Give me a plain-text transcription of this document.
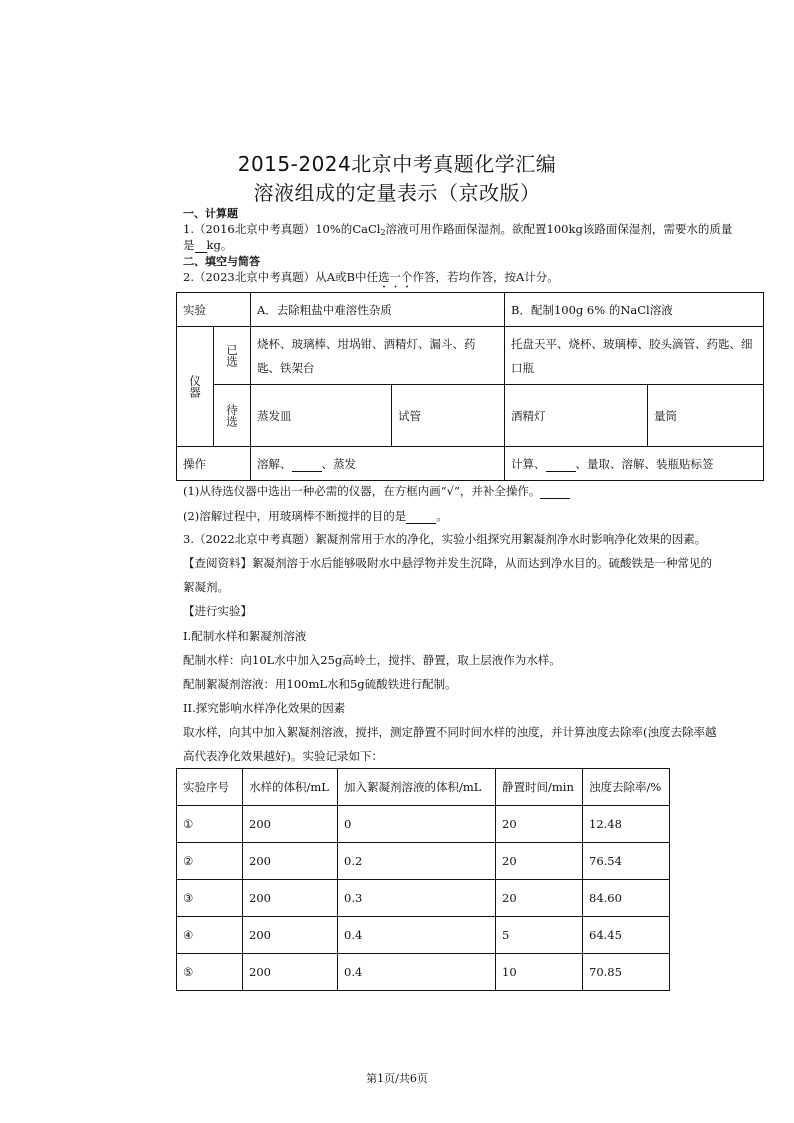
2015-2024北京中考真题化学汇编
溶液组成的定量表示（京改版）
一、计算题
1.（2016北京中考真题）10%的CaCl$_2$溶液可用作路面保湿剂。欲配置100kg该路面保湿剂，需要水的质量
是 kg。
二、填空与简答
2.（2023北京中考真题）从A或B中任选一个作答，若均作答，按A计分。
实验		A．去除粗盐中难溶性杂质		B．配制100g 6% 的NaCl溶液	
仪器	已选	烧杯、玻璃棒、坩埚钳、酒精灯、漏斗、药匙、铁架台		托盘天平、烧杯、玻璃棒、胶头滴管、药匙、细口瓶	
	待选	蒸发皿	试管	酒精灯	量筒
操作		溶解、 、蒸发		计算、 、量取、溶解、装瓶贴标签	
(1)从待选仪器中选出一种必需的仪器，在方框内画“√”，并补全操作。
(2)溶解过程中，用玻璃棒不断搅拌的目的是	。
3.（2022北京中考真题）絮凝剂常用于水的净化，实验小组探究用絮凝剂净水时影响净化效果的因素。
【查阅资料】絮凝剂溶于水后能够吸附水中悬浮物并发生沉降，从而达到净水目的。硫酸铁是一种常见的
絮凝剂。
【进行实验】
I.配制水样和絮凝剂溶液
配制水样：向10L水中加入25g高岭土，搅拌、静置，取上层液作为水样。
配制絮凝剂溶液：用100mL水和5g硫酸铁进行配制。
II.探究影响水样净化效果的因素
取水样，向其中加入絮凝剂溶液，搅拌，测定静置不同时间水样的浊度，并计算浊度去除率(浊度去除率越
高代表净化效果越好)。实验记录如下：
实验序号	水样的体积/mL	加入絮凝剂溶液的体积/mL	静置时间/min	浊度去除率/%
①	200	0	20	12.48
②	200	0.2	20	76.54
③	200	0.3	20	84.60
④	200	0.4	5	64.45
⑤	200	0.4	10	70.85
第1页/共6页
